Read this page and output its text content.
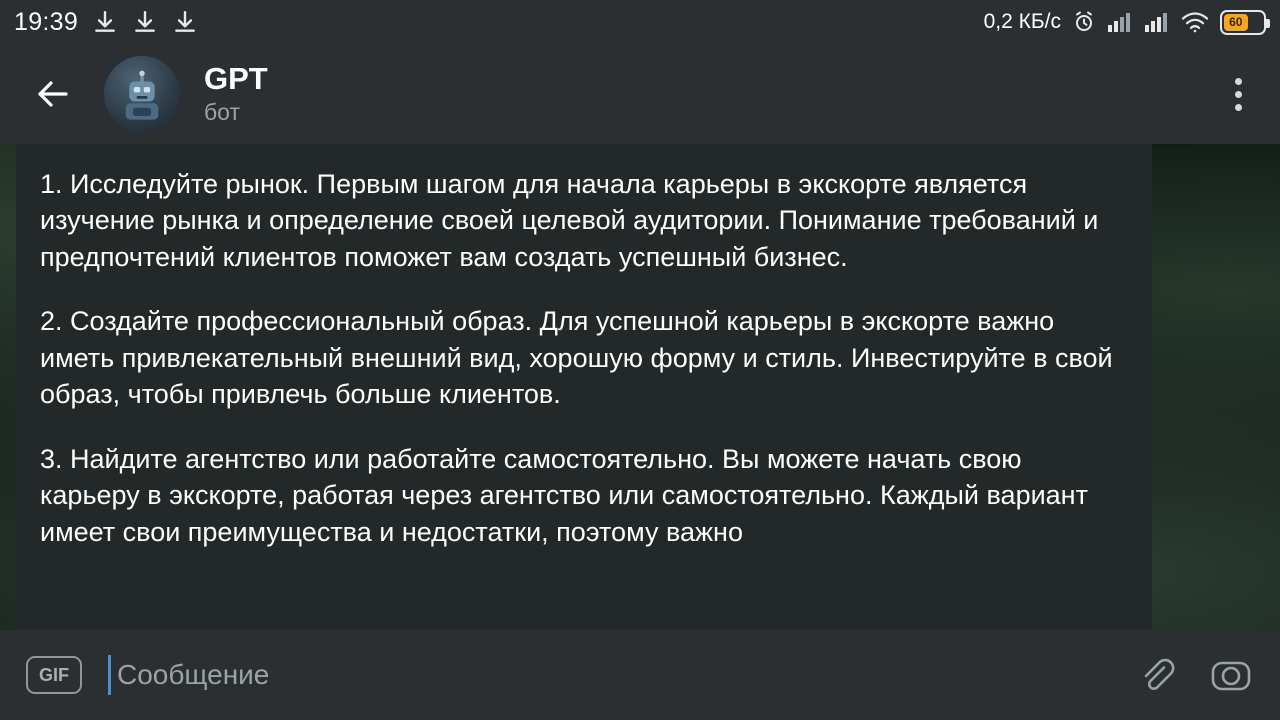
19:39	0,2 КБ/с	60
GPT
бот

1. Исследуйте рынок. Первым шагом для начала карьеры в экскорте является изучение рынка и определение своей целевой аудитории. Понимание требований и предпочтений клиентов поможет вам создать успешный бизнес.

2. Создайте профессиональный образ. Для успешной карьеры в экскорте важно иметь привлекательный внешний вид, хорошую форму и стиль. Инвестируйте в свой образ, чтобы привлечь больше клиентов.

3. Найдите агентство или работайте самостоятельно. Вы можете начать свою карьеру в экскорте, работая через агентство или самостоятельно. Каждый вариант имеет свои преимущества и недостатки, поэтому важно

GIF	Сообщение
